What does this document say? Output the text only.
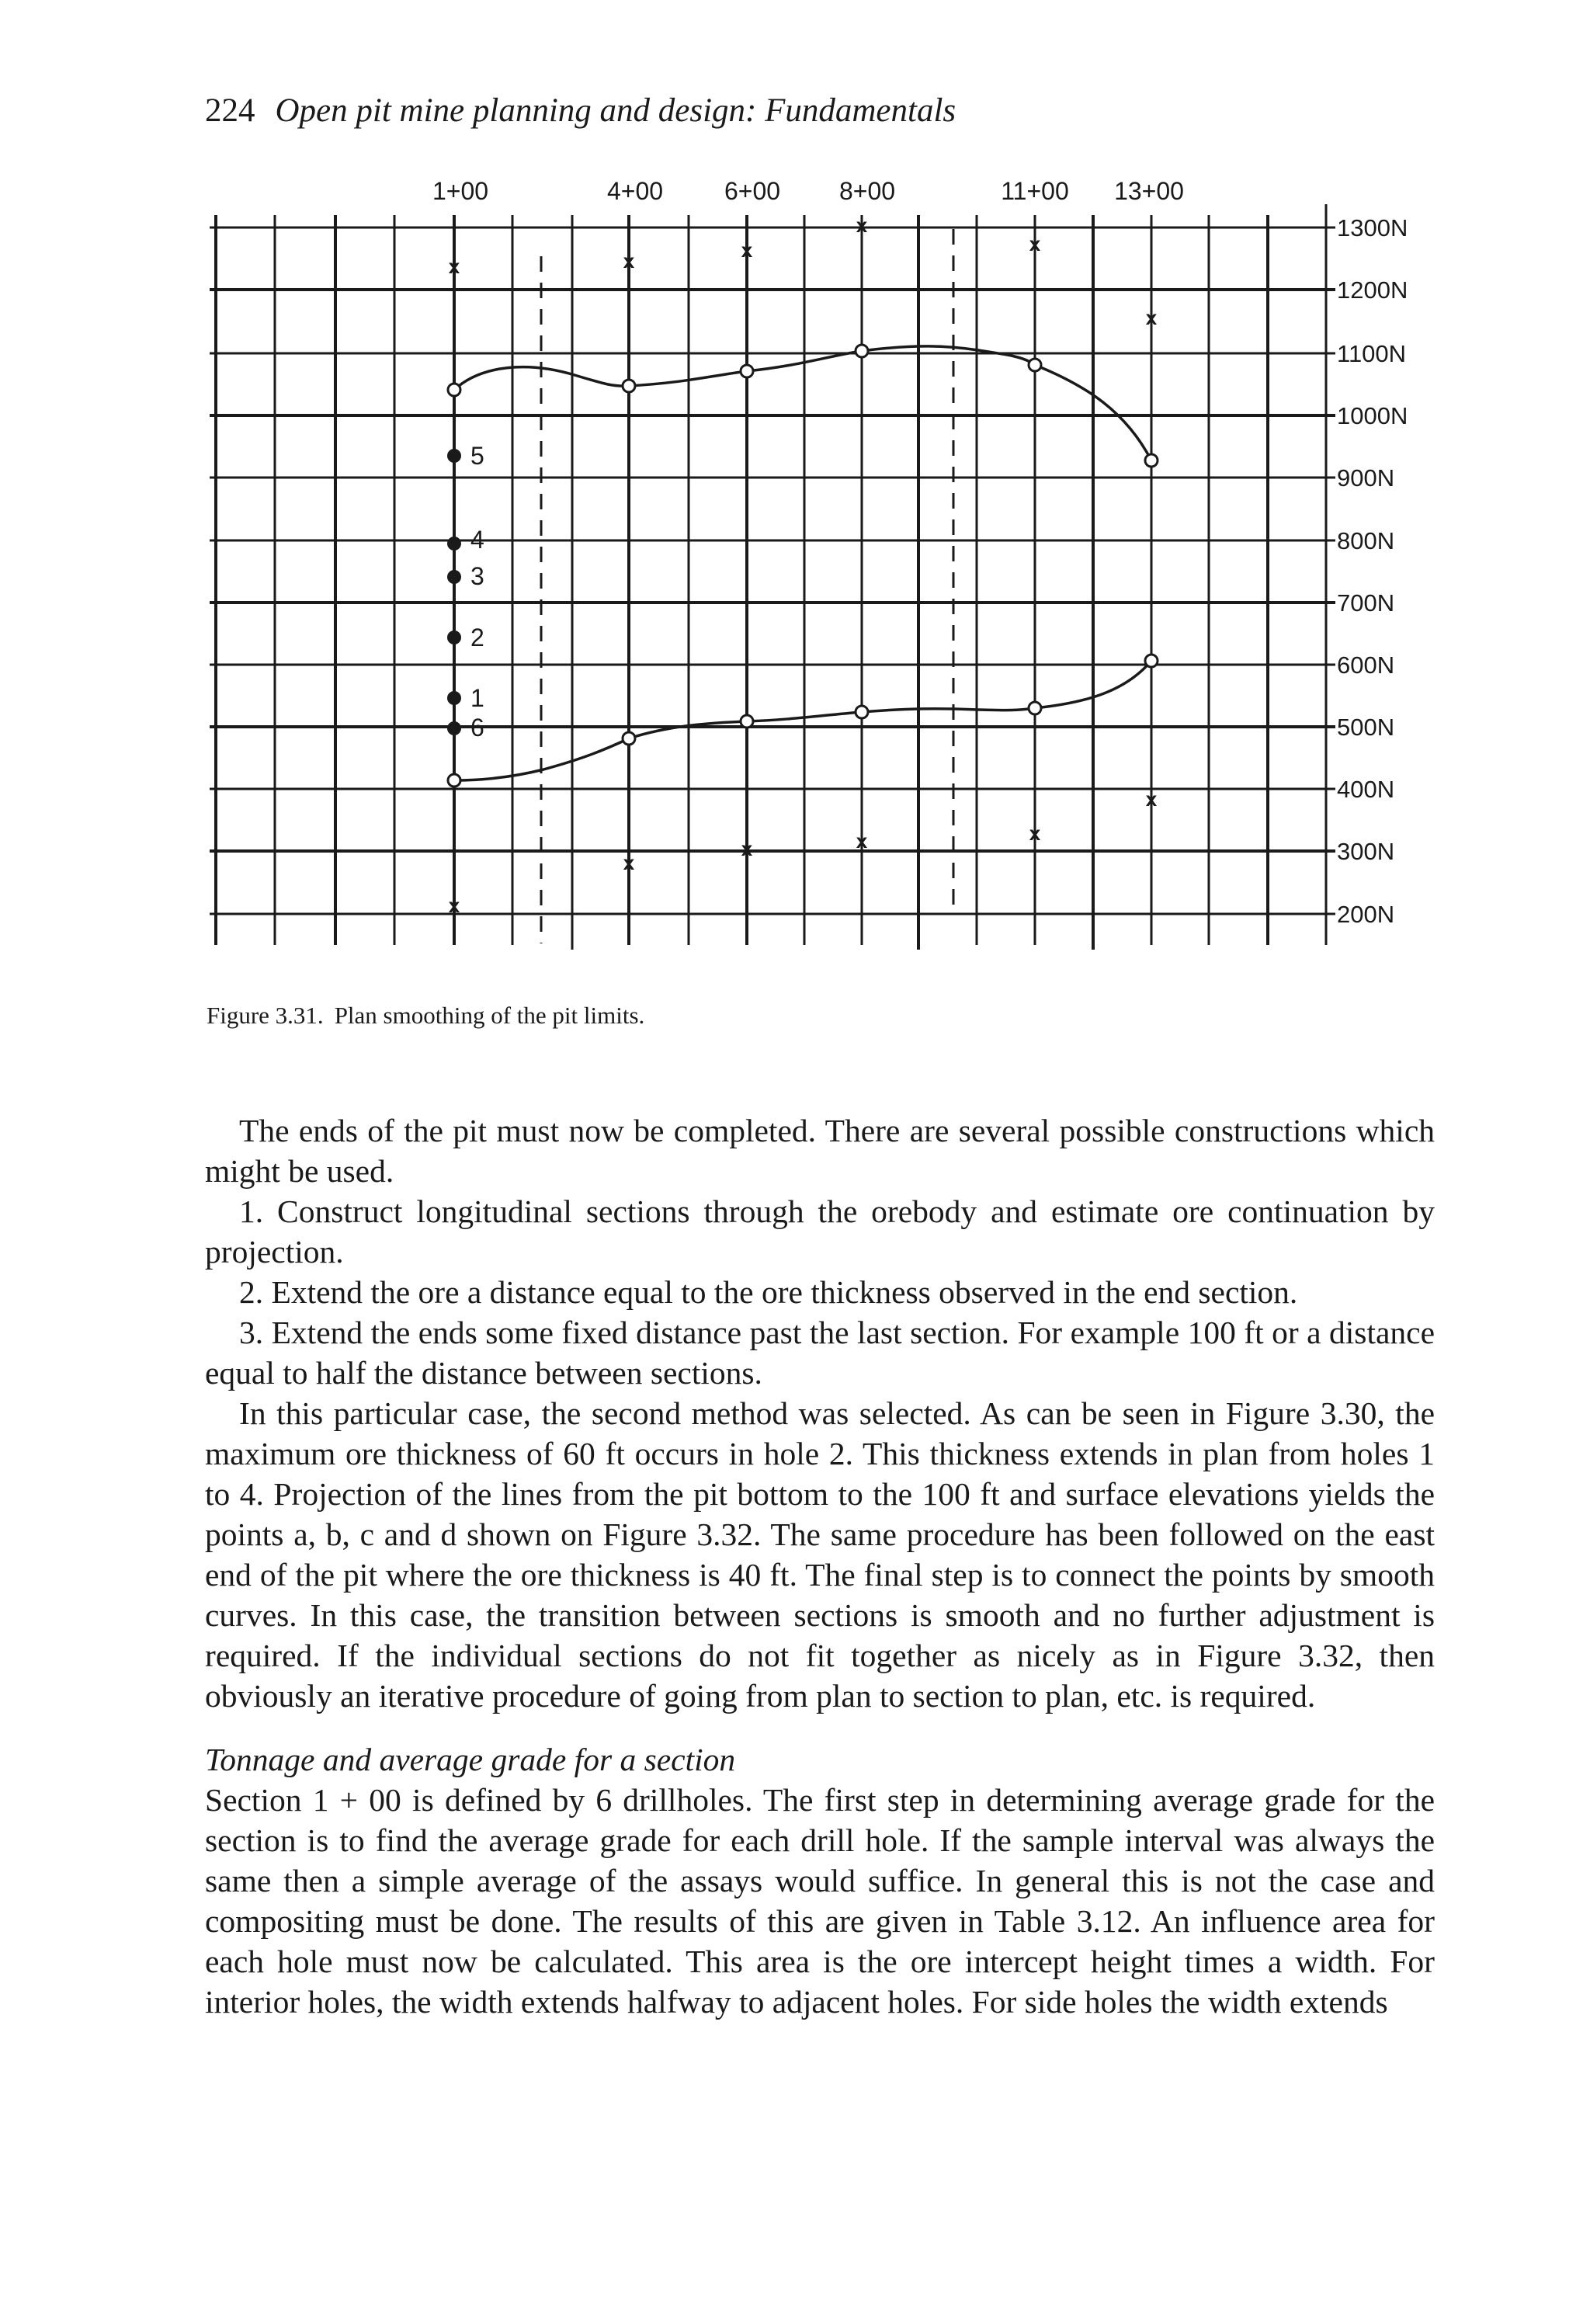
224 Open pit mine planning and design: Fundamentals
1+00	4+00 6+00 8+00	11+00 13+00
1300N
1200N
1100N
1000N
900N
800N
700N
600N
500N
400N
300N
200N
x	x	x
x
x
x
x
x
x
x
x
x
5
4
3
2
1
6
Figure 3.31. Plan smoothing of the pit limits.

The ends of the pit must now be completed. There are several possible constructions which might be used.

1. Construct longitudinal sections through the orebody and estimate ore continuation by projection.

2. Extend the ore a distance equal to the ore thickness observed in the end section.

3. Extend the ends some fixed distance past the last section. For example 100 ft or a distance equal to half the distance between sections.

In this particular case, the second method was selected. As can be seen in Figure 3.30, the maximum ore thickness of 60 ft occurs in hole 2. This thickness extends in plan from holes 1 to 4. Projection of the lines from the pit bottom to the 100 ft and surface elevations yields the points a, b, c and d shown on Figure 3.32. The same procedure has been followed on the east end of the pit where the ore thickness is 40 ft. The final step is to connect the points by smooth curves. In this case, the transition between sections is smooth and no further adjustment is required. If the individual sections do not fit together as nicely as in Figure 3.32, then obviously an iterative procedure of going from plan to section to plan, etc. is required.

Tonnage and average grade for a section

Section 1 + 00 is defined by 6 drillholes. The first step in determining average grade for the section is to find the average grade for each drill hole. If the sample interval was always the same then a simple average of the assays would suffice. In general this is not the case and compositing must be done. The results of this are given in Table 3.12. An influence area for each hole must now be calculated. This area is the ore intercept height times a width. For interior holes, the width extends halfway to adjacent holes. For side holes the width extends
